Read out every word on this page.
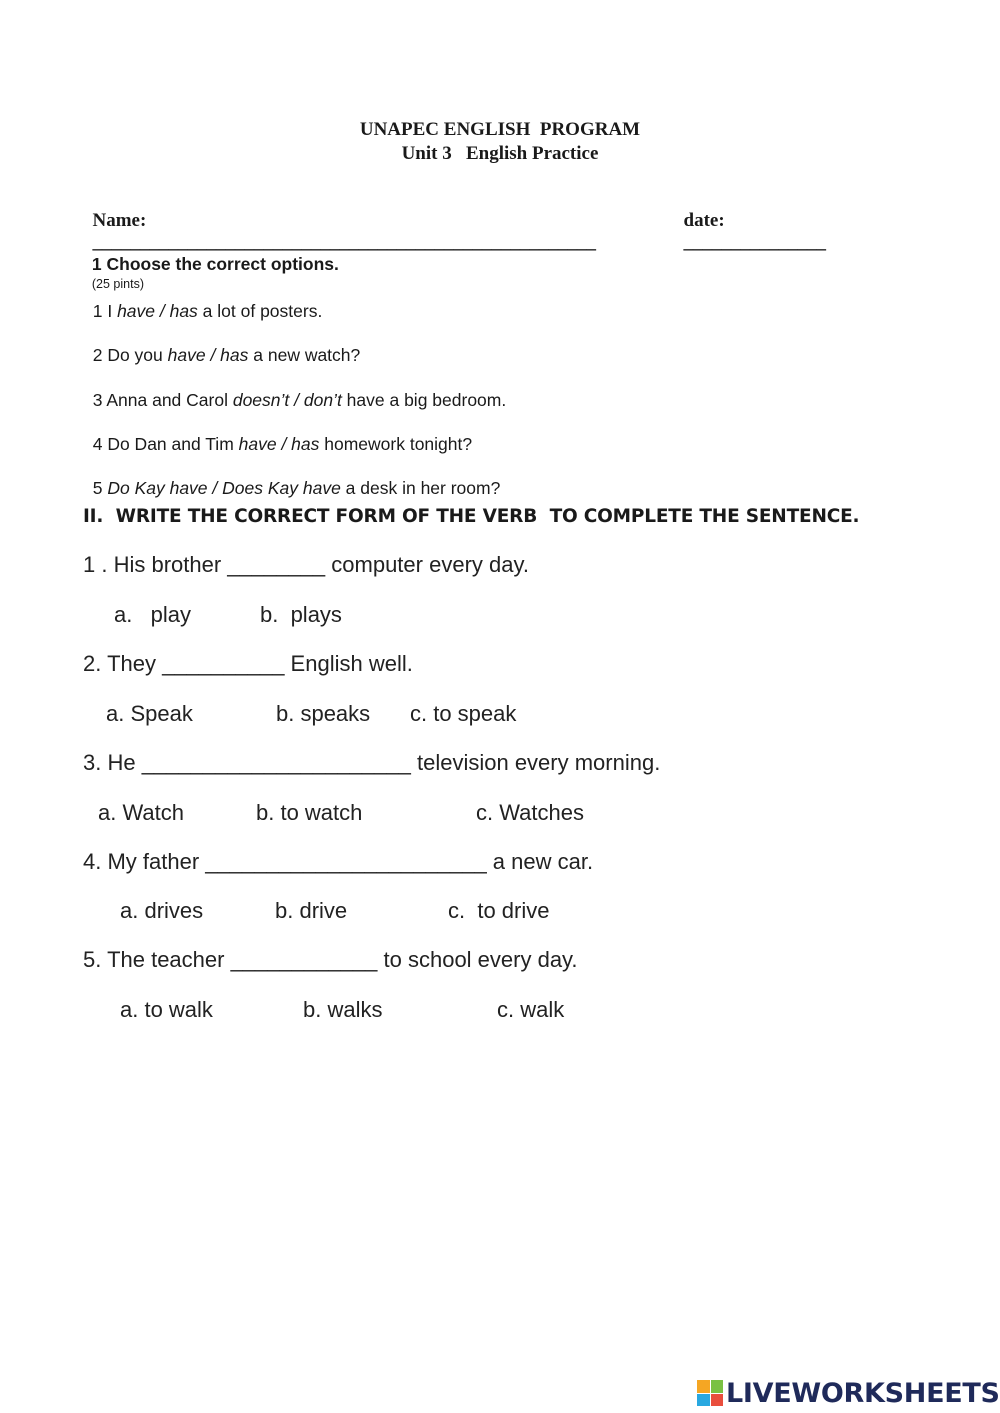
UNAPEC ENGLISH  PROGRAM
Unit 3   English Practice

Name:
_____________________________________________________

date:
_______________

1 Choose the correct options.
(25 pints)

1 I have / has a lot of posters.

2 Do you have / has a new watch?

3 Anna and Carol doesn’t / don’t have a big bedroom.

4 Do Dan and Tim have / has homework tonight?

5 Do Kay have / Does Kay have a desk in her room?

II.  WRITE THE CORRECT FORM OF THE VERB  TO COMPLETE THE SENTENCE.
1 . His brother ________ computer every day.
a.   play	b.  plays
2. They __________ English well.
a. Speak	b. speaks c. to speak
3. He ______________________ television every morning.
a. Watch	b. to watch	c. Watches
4. My father _______________________ a new car.
a. drives	b. drive	c.  to drive
5. The teacher ____________ to school every day.
a. to walk	b. walks	c. walk
LIVEWORKSHEETS
